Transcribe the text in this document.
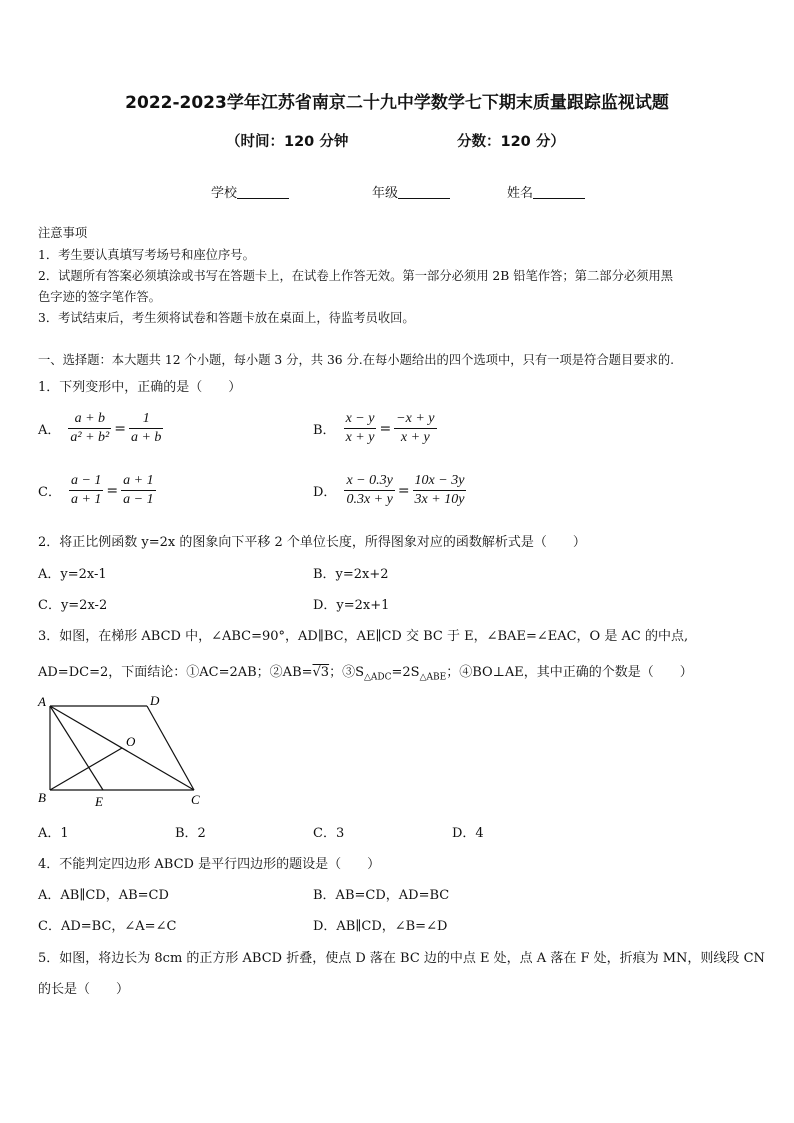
2022-2023学年江苏省南京二十九中学数学七下期末质量跟踪监视试题
（时间：120 分钟	分数：120 分）
学校	年级	姓名
注意事项
1．考生要认真填写考场号和座位序号。
2．试题所有答案必须填涂或书写在答题卡上，在试卷上作答无效。第一部分必须用 2B 铅笔作答；第二部分必须用黑
色字迹的签字笔作答。
3．考试结束后，考生须将试卷和答题卡放在桌面上，待监考员收回。
一、选择题：本大题共 12 个小题，每小题 3 分，共 36 分.在每小题给出的四个选项中，只有一项是符合题目要求的.
1．下列变形中，正确的是（　　）
A． $\frac{a + b}{\text{a² + b²}} = \frac{1}{a + b}$	B． $\frac{x - y}{x + y} = \frac{-x + y}{x + y}$
C． $\frac{a - 1}{a + 1} = \frac{a + 1}{a - 1}$	D． $\frac{x - 0.3y}{0.3x + y} = \frac{10x - 3y}{3x + 10y}$
2．将正比例函数 y=2x 的图象向下平移 2 个单位长度，所得图象对应的函数解析式是（　　）
A．y=2x-1	B．y=2x+2
C．y=2x-2	D．y=2x+1
3．如图，在梯形 ABCD 中，∠ABC=90°，AD∥BC，AE∥CD 交 BC 于 E，∠BAE=∠EAC，O 是 AC 的中点,
AD=DC=2，下面结论：①AC=2AB；②AB=√3；$③S_{\triangle ADC}=2S_{\triangle ABE}$；④BO⊥AE，其中正确的个数是（　　）
A	D
O
B	E	C
A．1	B．2	C．3	D．4
4．不能判定四边形 ABCD 是平行四边形的题设是（　　）
A．AB∥CD，AB=CD	B．AB=CD，AD=BC
C．AD=BC，∠A=∠C	D．AB∥CD，∠B=∠D
5．如图，将边长为 8cm 的正方形 ABCD 折叠，使点 D 落在 BC 边的中点 E 处，点 A 落在 F 处，折痕为 MN，则线段 CN
的长是（　　）
